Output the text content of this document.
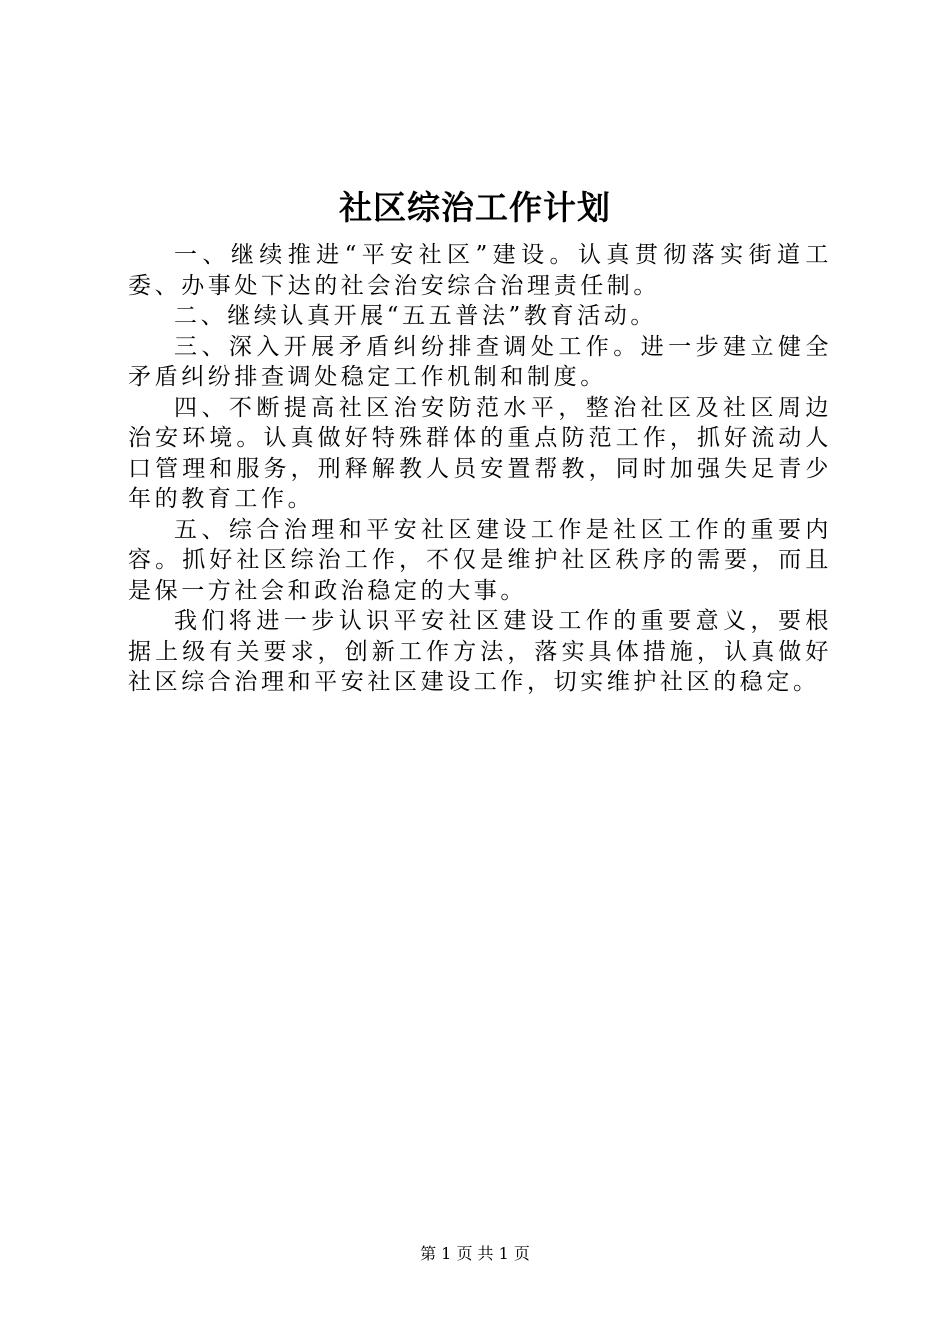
社区综治工作计划

一、继续推进“平安社区”建设。认真贯彻落实街道工委、办事处下达的社会治安综合治理责任制。

二、继续认真开展“五五普法”教育活动。

三、深入开展矛盾纠纷排查调处工作。进一步建立健全矛盾纠纷排查调处稳定工作机制和制度。

四、不断提高社区治安防范水平，整治社区及社区周边治安环境。认真做好特殊群体的重点防范工作，抓好流动人口管理和服务，刑释解教人员安置帮教，同时加强失足青少年的教育工作。

五、综合治理和平安社区建设工作是社区工作的重要内容。抓好社区综治工作，不仅是维护社区秩序的需要，而且是保一方社会和政治稳定的大事。

我们将进一步认识平安社区建设工作的重要意义，要根据上级有关要求，创新工作方法，落实具体措施，认真做好社区综合治理和平安社区建设工作，切实维护社区的稳定。

第 1 页 共 1 页
